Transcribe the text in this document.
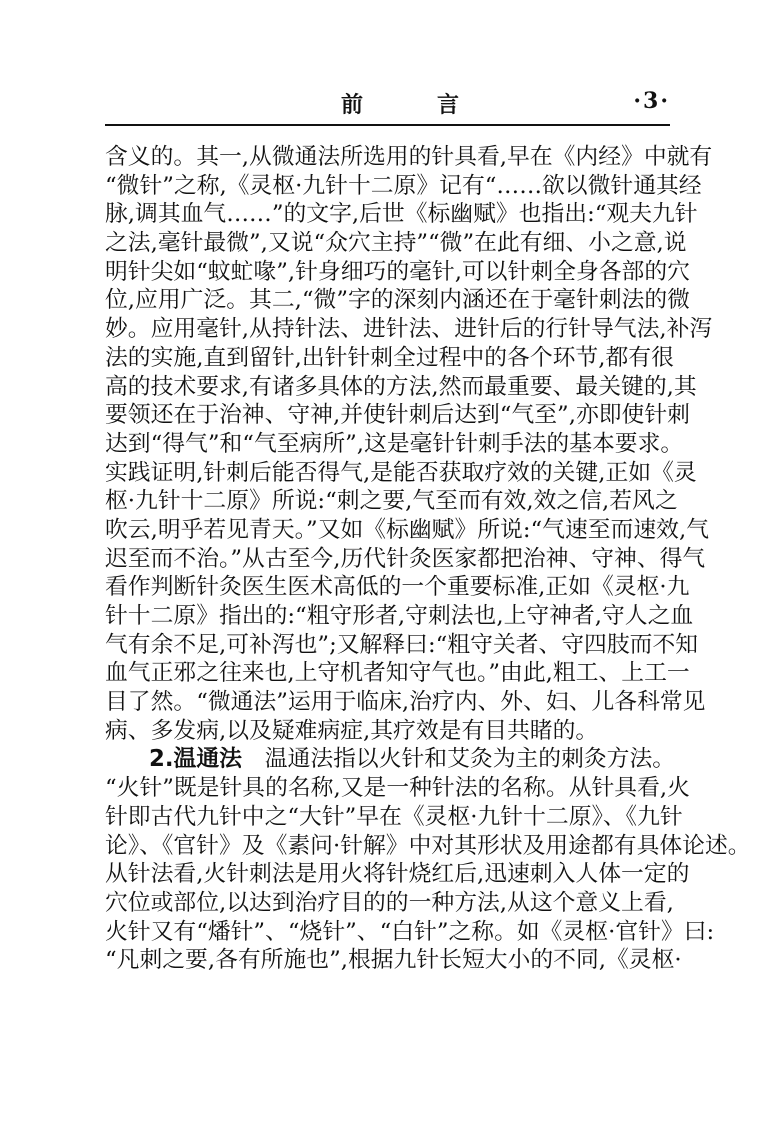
前　言	·3·
含义的。其一,从微通法所选用的针具看,早在《内经》中就有
“微针”之称,《灵枢·九针十二原》记有“……欲以微针通其经
脉,调其血气……”的文字,后世《标幽赋》也指出:“观夫九针
之法,毫针最微”,又说“众穴主持”“微”在此有细、小之意,说
明针尖如“蚊虻喙”,针身细巧的毫针,可以针刺全身各部的穴
位,应用广泛。其二,“微”字的深刻内涵还在于毫针刺法的微
妙。应用毫针,从持针法、进针法、进针后的行针导气法,补泻
法的实施,直到留针,出针针刺全过程中的各个环节,都有很
高的技术要求,有诸多具体的方法,然而最重要、最关键的,其
要领还在于治神、守神,并使针刺后达到“气至”,亦即使针刺
达到“得气”和“气至病所”,这是毫针针刺手法的基本要求。
实践证明,针刺后能否得气,是能否获取疗效的关键,正如《灵
枢·九针十二原》所说:“刺之要,气至而有效,效之信,若风之
吹云,明乎若见青天。”又如《标幽赋》所说:“气速至而速效,气
迟至而不治。”从古至今,历代针灸医家都把治神、守神、得气
看作判断针灸医生医术高低的一个重要标准,正如《灵枢·九
针十二原》指出的:“粗守形者,守刺法也,上守神者,守人之血
气有余不足,可补泻也”;又解释曰:“粗守关者、守四肢而不知
血气正邪之往来也,上守机者知守气也。”由此,粗工、上工一
目了然。“微通法”运用于临床,治疗内、外、妇、儿各科常见
病、多发病,以及疑难病症,其疗效是有目共睹的。
2.温通法　 温通法指以火针和艾灸为主的刺灸方法。
“火针”既是针具的名称,又是一种针法的名称。从针具看,火
针即古代九针中之“大针”早在《灵枢·九针十二原》、《九针
论》、《官针》及《素问·针解》中对其形状及用途都有具体论述。
从针法看,火针刺法是用火将针烧红后,迅速刺入人体一定的
穴位或部位,以达到治疗目的的一种方法,从这个意义上看,
火针又有“燔针”、“烧针”、“白针”之称。如《灵枢·官针》曰:
“凡刺之要,各有所施也”,根据九针长短大小的不同,《灵枢·
